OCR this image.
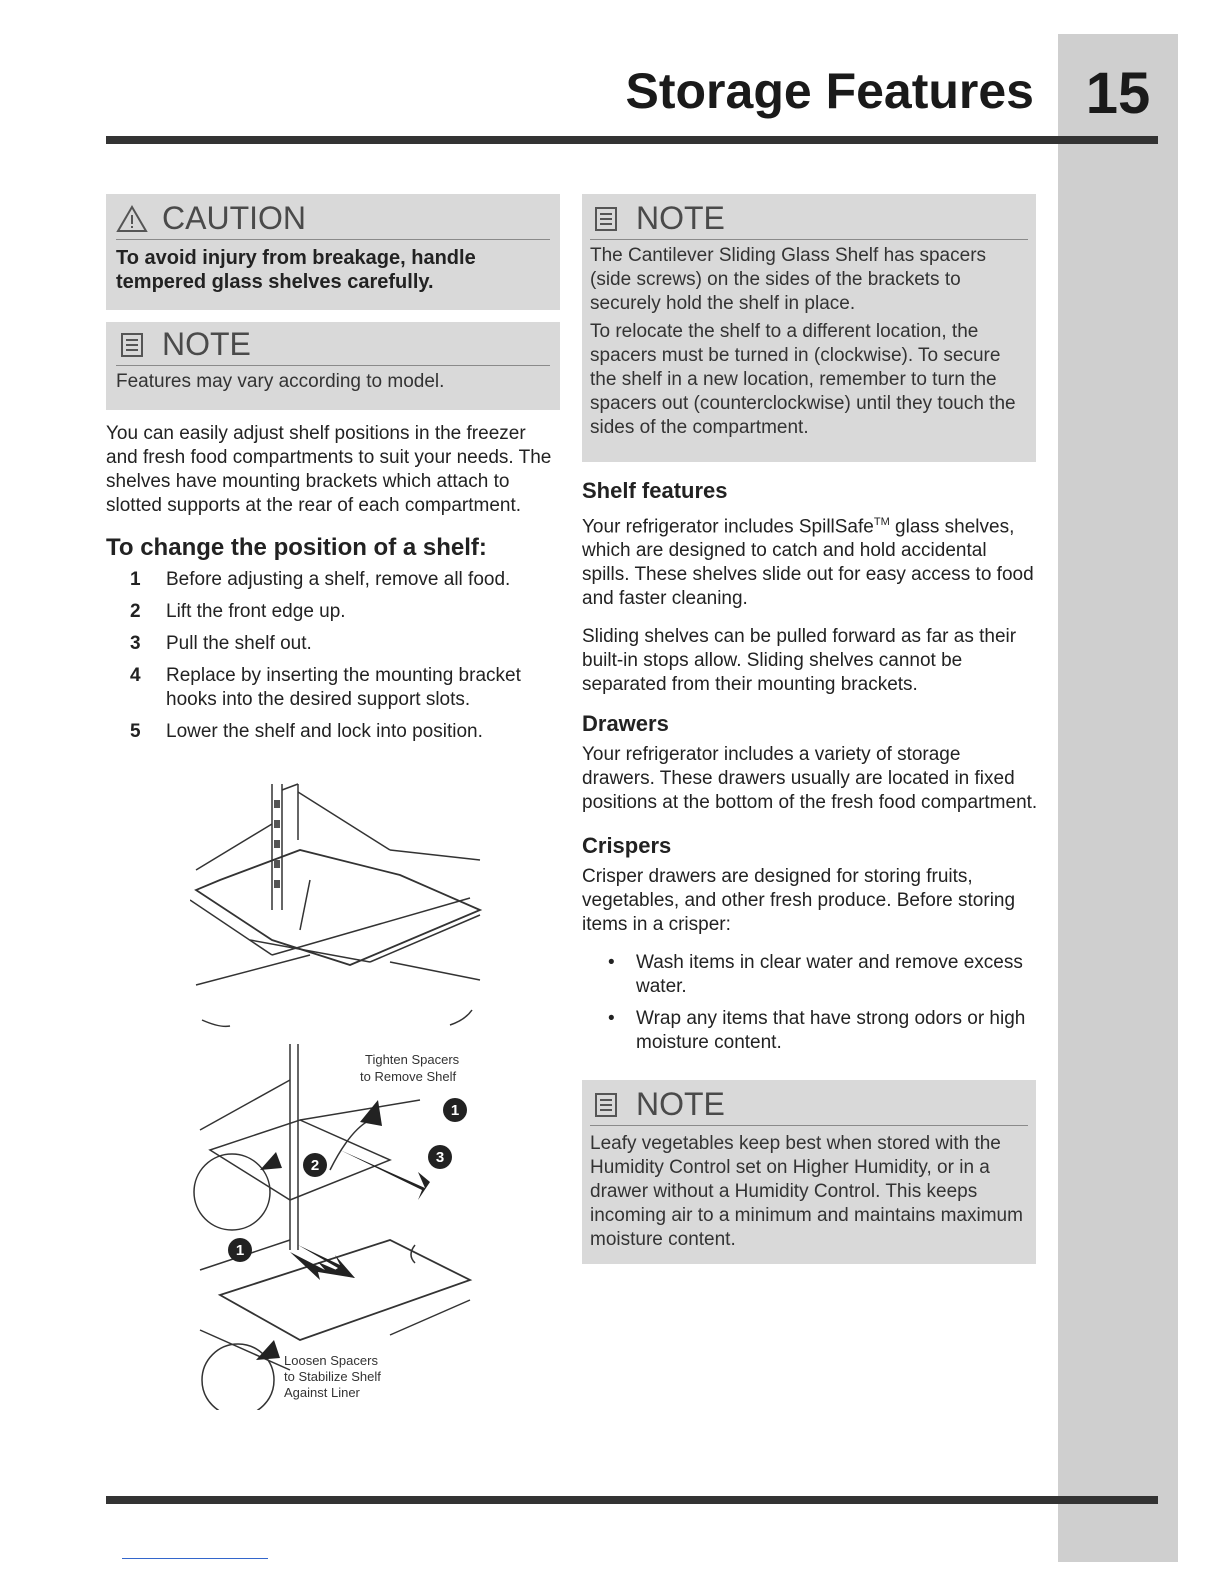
15
Storage Features
CAUTION
To avoid injury from breakage, handle tempered glass shelves carefully.
NOTE
Features may vary according to model.

You can easily adjust shelf positions in the freezer and fresh food compartments to suit your needs. The shelves have mounting brackets which attach to slotted supports at the rear of each compartment.

To change the position of a shelf:
1	Before adjusting a shelf, remove all food.
2	Lift the front edge up.
3	Pull the shelf out.
4	Replace by inserting the mounting bracket hooks into the desired support slots.
5	Lower the shelf and lock into position.
2	3
1
1
Tighten Spacers
to Remove Shelf
Loosen Spacers
to Stabilize Shelf
Against Liner
NOTE

The Cantilever Sliding Glass Shelf has spacers (side screws) on the sides of the brackets to securely hold the shelf in place.

To relocate the shelf to a different location, the spacers must be turned in (clockwise). To secure the shelf in a new location, remember to turn the spacers out (counterclockwise) until they touch the sides of the compartment.

Shelf features

Your refrigerator includes SpillSafe™ glass shelves, which are designed to catch and hold accidental spills. These shelves slide out for easy access to food and faster cleaning.

Sliding shelves can be pulled forward as far as their built-in stops allow. Sliding shelves cannot be separated from their mounting brackets.

Drawers

Your refrigerator includes a variety of storage drawers. These drawers usually are located in fixed positions at the bottom of the fresh food compartment.

Crispers

Crisper drawers are designed for storing fruits, vegetables, and other fresh produce. Before storing items in a crisper:

•	Wash items in clear water and remove excess water.
•	Wrap any items that have strong odors or high moisture content.
NOTE
Leafy vegetables keep best when stored with the Humidity Control set on Higher Humidity, or in a drawer without a Humidity Control. This keeps incoming air to a minimum and maintains maximum moisture content.
